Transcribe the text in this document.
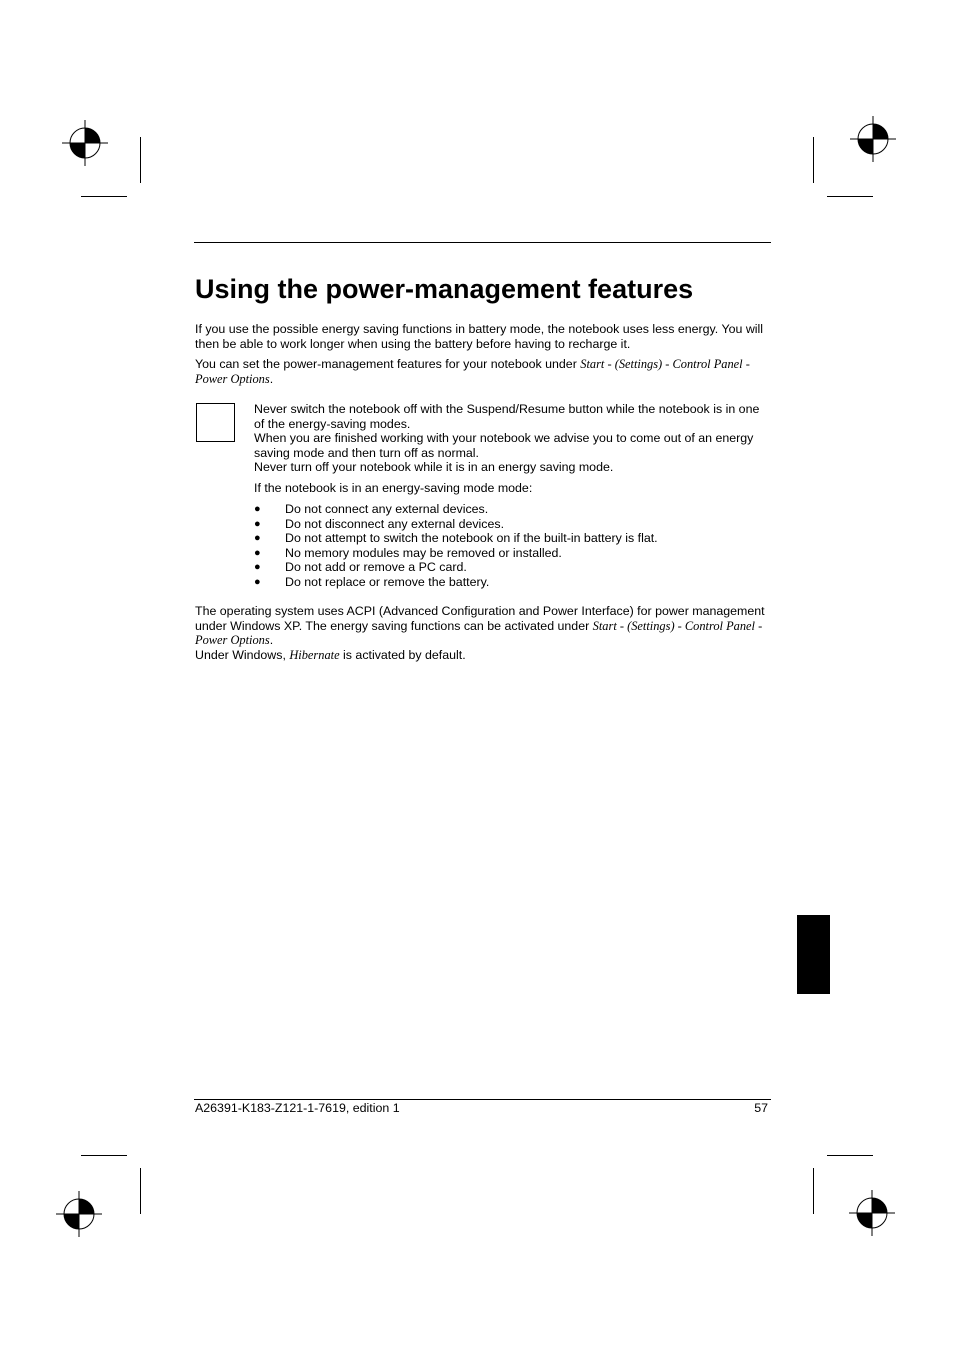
Using the power-management features

If you use the possible energy saving functions in battery mode, the notebook uses less energy. You will then be able to work longer when using the battery before having to recharge it.

You can set the power-management features for your notebook under Start - (Settings) - Control Panel - Power Options.

Never switch the notebook off with the Suspend/Resume button while the notebook is in one of the energy-saving modes.
When you are finished working with your notebook we advise you to come out of an energy saving mode and then turn off as normal.
Never turn off your notebook while it is in an energy saving mode.

If the notebook is in an energy-saving mode mode:

● Do not connect any external devices.
● Do not disconnect any external devices.
● Do not attempt to switch the notebook on if the built-in battery is flat.
● No memory modules may be removed or installed.
● Do not add or remove a PC card.
● Do not replace or remove the battery.

The operating system uses ACPI (Advanced Configuration and Power Interface) for power management under Windows XP. The energy saving functions can be activated under Start - (Settings) - Control Panel - Power Options.

Under Windows, Hibernate is activated by default.

A26391-K183-Z121-1-7619, edition 1	57
